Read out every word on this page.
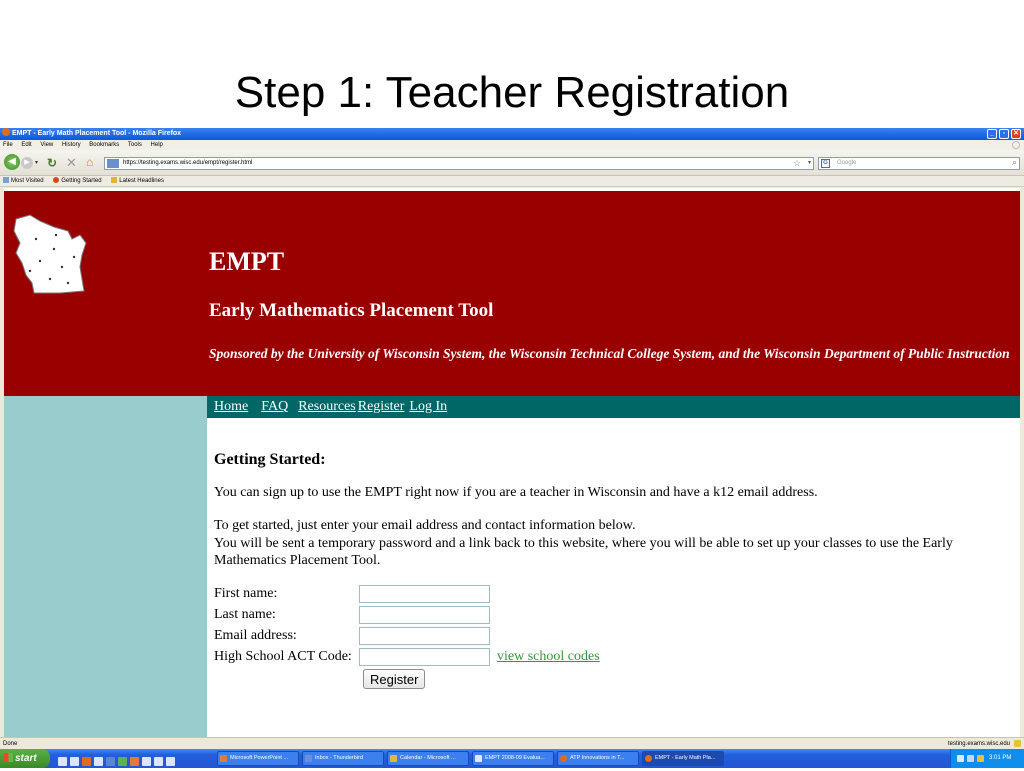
Step 1: Teacher Registration
EMPT - Early Math Placement Tool - Mozilla Firefox	_	▫	✕
File Edit View History Bookmarks Tools Help
◀	▶ ▾ ↻ ✕ ⌂	https://testing.exams.wisc.edu/empt/register.html	☆ ▾	G	Google	⌕
Most Visited	Getting Started	Latest Headlines
EMPT
Early Mathematics Placement Tool
Sponsored by the University of Wisconsin System, the Wisconsin Technical College System, and the Wisconsin Department of Public Instruction
Home FAQ Resources Register Log In
Getting Started:
You can sign up to use the EMPT right now if you are a teacher in Wisconsin and have a k12 email address.
To get started, just enter your email address and contact information below.
You will be sent a temporary password and a link back to this website, where you will be able to set up your classes to use the Early Mathematics Placement Tool.
First name:
Last name:
Email address:
High School ACT Code:	view school codes
Register
Done	testing.exams.wisc.edu
start	Microsoft PowerPoint ...	Inbox - Thunderbird	Calendar - Microsoft ...	EMPT 2008-09 Evalua...	ATP Innovations in T...	EMPT - Early Math Pla...	3:01 PM
